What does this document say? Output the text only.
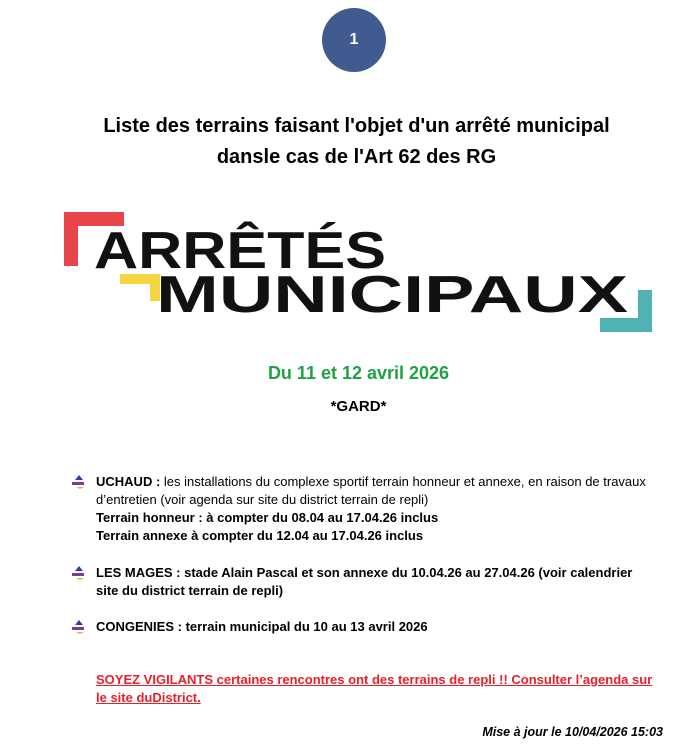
1
Liste des terrains faisant l'objet d'un arrêté municipal
dansle cas de l'Art 62 des RG
ARRÊTÉS
MUNICIPAUX
Du 11 et 12 avril 2026
*GARD*
UCHAUD : les installations du complexe sportif terrain honneur et annexe, en raison de travaux d’entretien (voir agenda sur site du district terrain de repli)
Terrain honneur : à compter du 08.04 au 17.04.26 inclus
Terrain annexe à compter du 12.04 au 17.04.26 inclus
LES MAGES : stade Alain Pascal et son annexe du 10.04.26 au 27.04.26 (voir calendrier site du district terrain de repli)
CONGENIES : terrain municipal du 10 au 13 avril 2026
SOYEZ VIGILANTS certaines rencontres ont des terrains de repli !! Consulter l’agenda sur le site duDistrict.
Mise à jour le 10/04/2026 15:03
